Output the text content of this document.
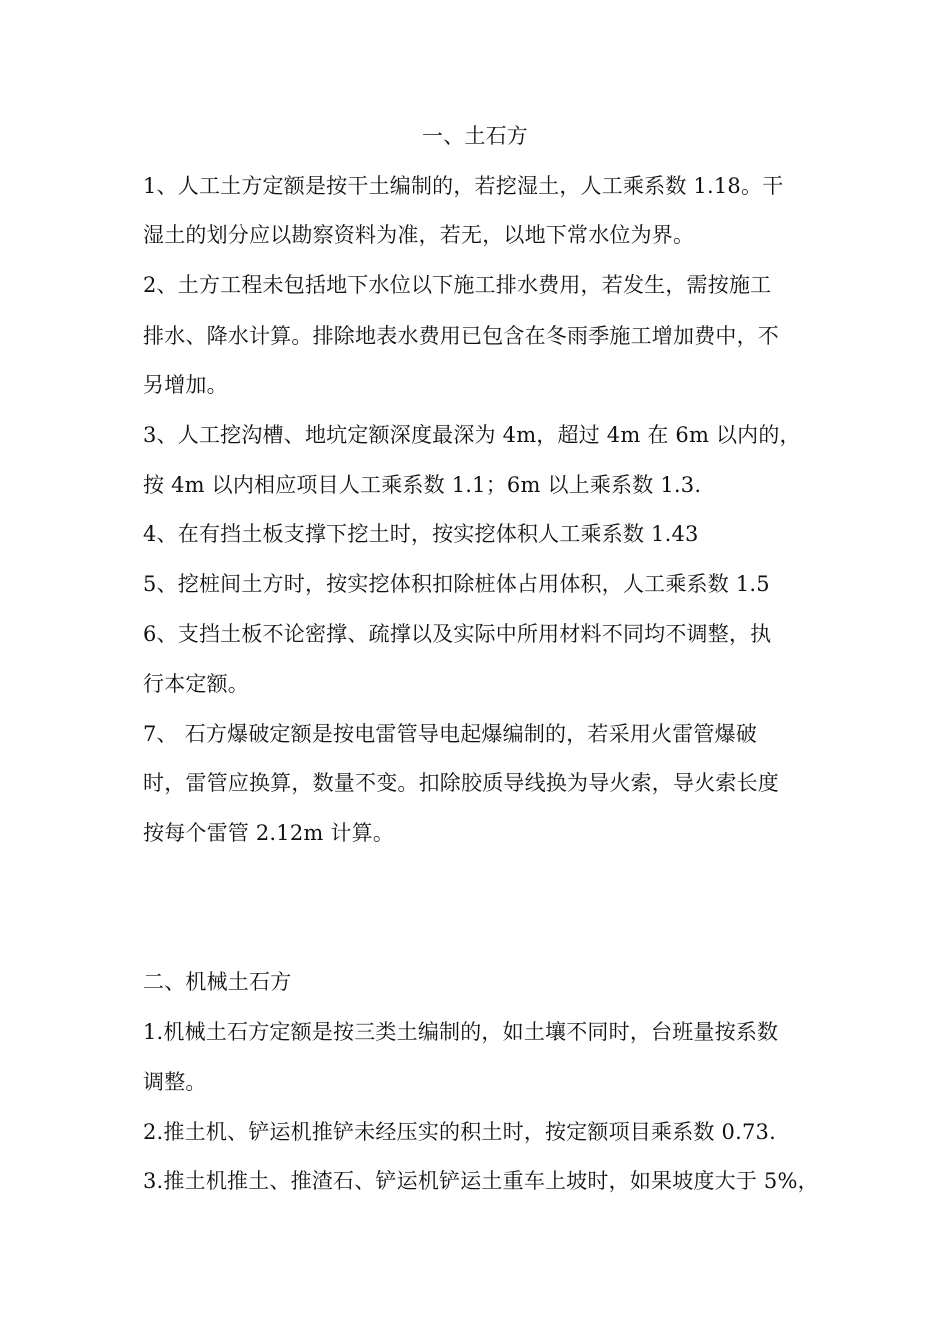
一、土石方
1、人工土方定额是按干土编制的，若挖湿土，人工乘系数 1.18。干
湿土的划分应以勘察资料为准，若无，以地下常水位为界。
2、土方工程未包括地下水位以下施工排水费用，若发生，需按施工
排水、降水计算。排除地表水费用已包含在冬雨季施工增加费中，不
另增加。
3、人工挖沟槽、地坑定额深度最深为 4m，超过 4m 在 6m 以内的，
按 4m 以内相应项目人工乘系数 1.1；6m 以上乘系数 1.3.
4、在有挡土板支撑下挖土时，按实挖体积人工乘系数 1.43
5、挖桩间土方时，按实挖体积扣除桩体占用体积，人工乘系数 1.5
6、支挡土板不论密撑、疏撑以及实际中所用材料不同均不调整，执
行本定额。
7、 石方爆破定额是按电雷管导电起爆编制的，若采用火雷管爆破
时，雷管应换算，数量不变。扣除胶质导线换为导火索，导火索长度
按每个雷管 2.12m 计算。
二、机械土石方
1.机械土石方定额是按三类土编制的，如土壤不同时，台班量按系数
调整。
2.推土机、铲运机推铲未经压实的积土时，按定额项目乘系数 0.73.
3.推土机推土、推渣石、铲运机铲运土重车上坡时，如果坡度大于 5%，
